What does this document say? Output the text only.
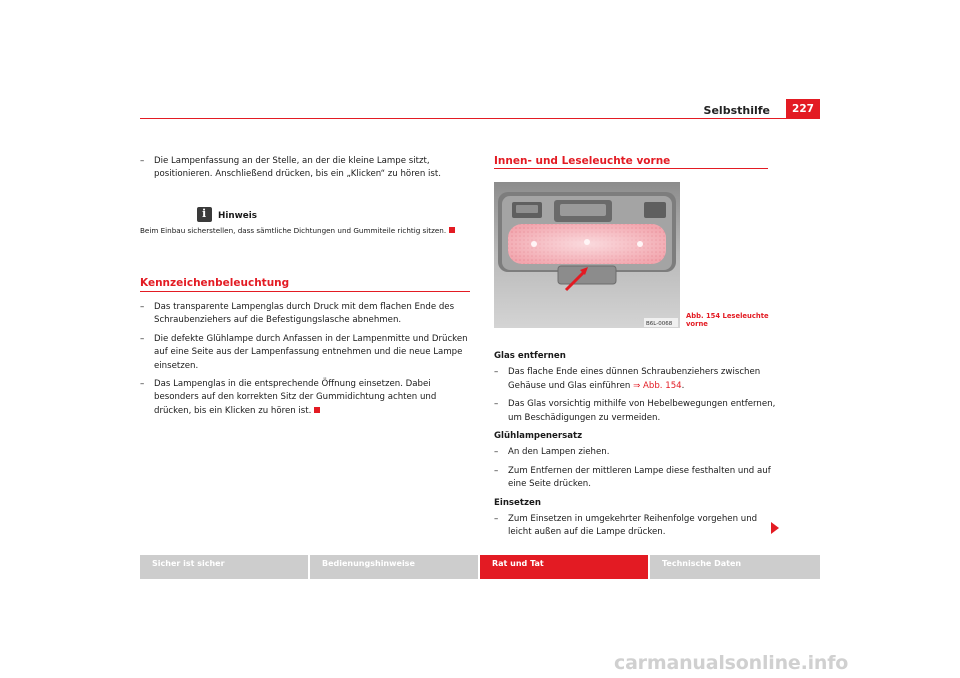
Selbsthilfe	227
– Die Lampenfassung an der Stelle, an der die kleine Lampe sitzt, positionieren. Anschließend drücken, bis ein „Klicken“ zu hören ist.
i Hinweis
Beim Einbau sicherstellen, dass sämtliche Dichtungen und Gummiteile richtig sitzen.
Kennzeichenbeleuchtung
– Das transparente Lampenglas durch Druck mit dem flachen Ende des Schraubenziehers auf die Befestigungslasche abnehmen.
– Die defekte Glühlampe durch Anfassen in der Lampenmitte und Drücken auf eine Seite aus der Lampenfassung entnehmen und die neue Lampe einsetzen.
– Das Lampenglas in die entsprechende Öffnung einsetzen. Dabei besonders auf den korrekten Sitz der Gummidichtung achten und drücken, bis ein Klicken zu hören ist.
Innen- und Leseleuchte vorne
B6L-0068
Abb. 154 Leseleuchte
vorne
Glas entfernen
– Das flache Ende eines dünnen Schraubenziehers zwischen Gehäuse und Glas einführen ⇒ Abb. 154.
– Das Glas vorsichtig mithilfe von Hebelbewegungen entfernen, um Beschädigungen zu vermeiden.
Glühlampenersatz
– An den Lampen ziehen.
– Zum Entfernen der mittleren Lampe diese festhalten und auf eine Seite drücken.
Einsetzen
– Zum Einsetzen in umgekehrter Reihenfolge vorgehen und leicht außen auf die Lampe drücken.
Sicher ist sicher	Bedienungshinweise	Rat und Tat	Technische Daten
carmanualsonline.info
